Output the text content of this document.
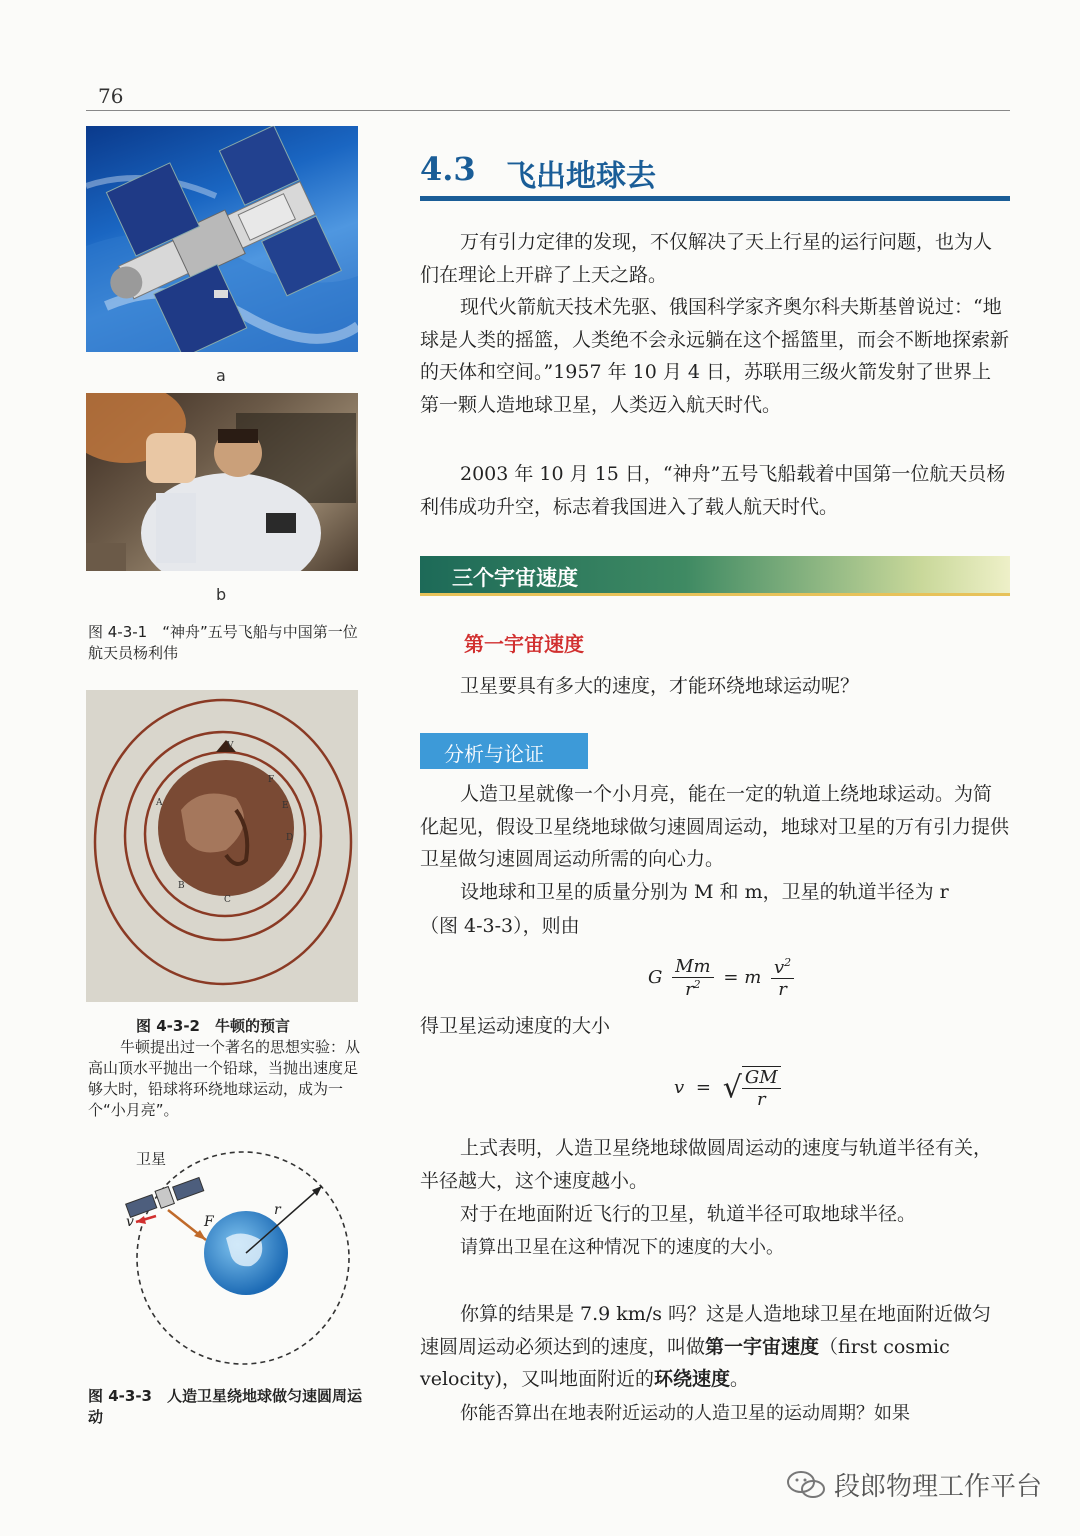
76
a
b
图 4-3-1　“神舟”五号飞船与中国第一位航天员杨利伟
V
A
B
C
D
E
F
图 4-3-2　牛顿的预言
牛顿提出过一个著名的思想实验：从高山顶水平抛出一个铅球，当抛出速度足够大时，铅球将环绕地球运动，成为一个“小月亮”。
卫星
v	F
r
图 4-3-3　人造卫星绕地球做匀速圆周运动
4.3 飞出地球去
万有引力定律的发现，不仅解决了天上行星的运行问题，也为人们在理论上开辟了上天之路。
现代火箭航天技术先驱、俄国科学家齐奥尔科夫斯基曾说过：“地球是人类的摇篮，人类绝不会永远躺在这个摇篮里，而会不断地探索新的天体和空间。”1957 年 10 月 4 日，苏联用三级火箭发射了世界上第一颗人造地球卫星，人类迈入航天时代。
2003 年 10 月 15 日，“神舟”五号飞船载着中国第一位航天员杨利伟成功升空，标志着我国进入了载人航天时代。
三个宇宙速度
第一宇宙速度
卫星要具有多大的速度，才能环绕地球运动呢？
分析与论证
人造卫星就像一个小月亮，能在一定的轨道上绕地球运动。为简化起见，假设卫星绕地球做匀速圆周运动，地球对卫星的万有引力提供卫星做匀速圆周运动所需的向心力。
设地球和卫星的质量分别为 M 和 m，卫星的轨道半径为 r
（图 4-3-3），则由
G $\frac{Mm}{r^2} = m \frac{v^2}{r}$
得卫星运动速度的大小
v = √ $\frac{GM}{r}$
上式表明，人造卫星绕地球做圆周运动的速度与轨道半径有关，半径越大，这个速度越小。
对于在地面附近飞行的卫星，轨道半径可取地球半径。
请算出卫星在这种情况下的速度的大小。
你算的结果是 7.9 km/s 吗？这是人造地球卫星在地面附近做匀速圆周运动必须达到的速度，叫做第一宇宙速度（first cosmic velocity)，又叫地面附近的环绕速度。
你能否算出在地表附近运动的人造卫星的运动周期？如果
段郎物理工作平台
